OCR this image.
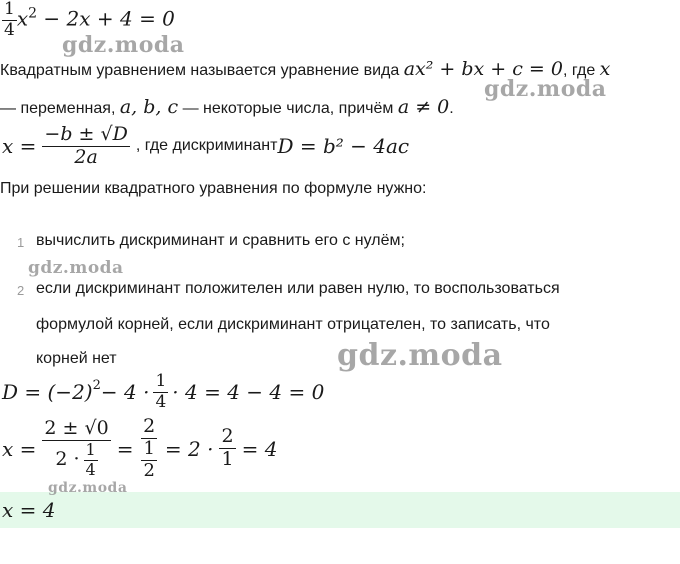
$\frac{1}{4} x^2 - 2x + 4 = 0$
Квадратным уравнением называется уравнение вида ax² + bx + c = 0, где x
— переменная, a, b, c — некоторые числа, причём a ≠ 0.
$x = \frac{-b \pm √D}{2a}$ , где дискриминант D = b² − 4ac
При решении квадратного уравнения по формуле нужно:
1 вычислить дискриминант и сравнить его с нулём;
2 если дискриминант положителен или равен нулю, то воспользоваться
формулой корней, если дискриминант отрицателен, то записать, что
корней нет
$D = (-2)^2 - 4 \cdot \frac{1}{4} \cdot 4 = 4 - 4 = 0$
$x = \frac{2 \pm √0}{2 \cdot \frac{1}{4}} = \frac{2}{\frac{1}{2}} = 2 \cdot \frac{2}{1} = 4$
x = 4
gdz.moda
gdz.moda
gdz.moda
gdz.moda
gdz.moda
